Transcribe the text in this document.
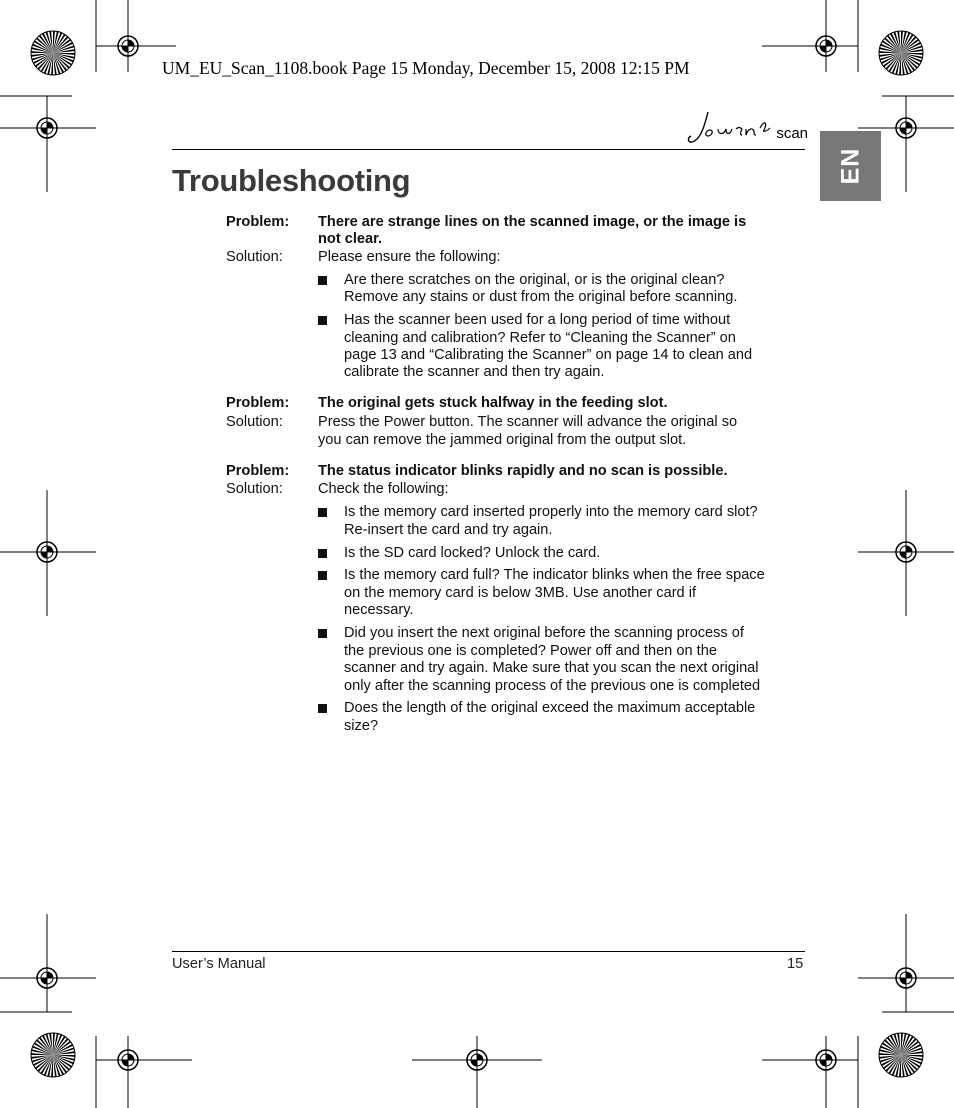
UM_EU_Scan_1108.book Page 15 Monday, December 15, 2008 12:15 PM
scan
EN
Troubleshooting
Problem: There are strange lines on the scanned image, or the image is
not clear.
Solution: Please ensure the following:
Are there scratches on the original, or is the original clean?
Remove any stains or dust from the original before scanning.
Has the scanner been used for a long period of time without
cleaning and calibration? Refer to “Cleaning the Scanner” on
page 13 and “Calibrating the Scanner” on page 14 to clean and
calibrate the scanner and then try again.
Problem: The original gets stuck halfway in the feeding slot.
Solution: Press the Power button. The scanner will advance the original so
you can remove the jammed original from the output slot.
Problem: The status indicator blinks rapidly and no scan is possible.
Solution: Check the following:
Is the memory card inserted properly into the memory card slot?
Re-insert the card and try again.
Is the SD card locked? Unlock the card.
Is the memory card full? The indicator blinks when the free space
on the memory card is below 3MB. Use another card if
necessary.
Did you insert the next original before the scanning process of
the previous one is completed? Power off and then on the
scanner and try again. Make sure that you scan the next original
only after the scanning process of the previous one is completed
Does the length of the original exceed the maximum acceptable
size?
User’s Manual	15
